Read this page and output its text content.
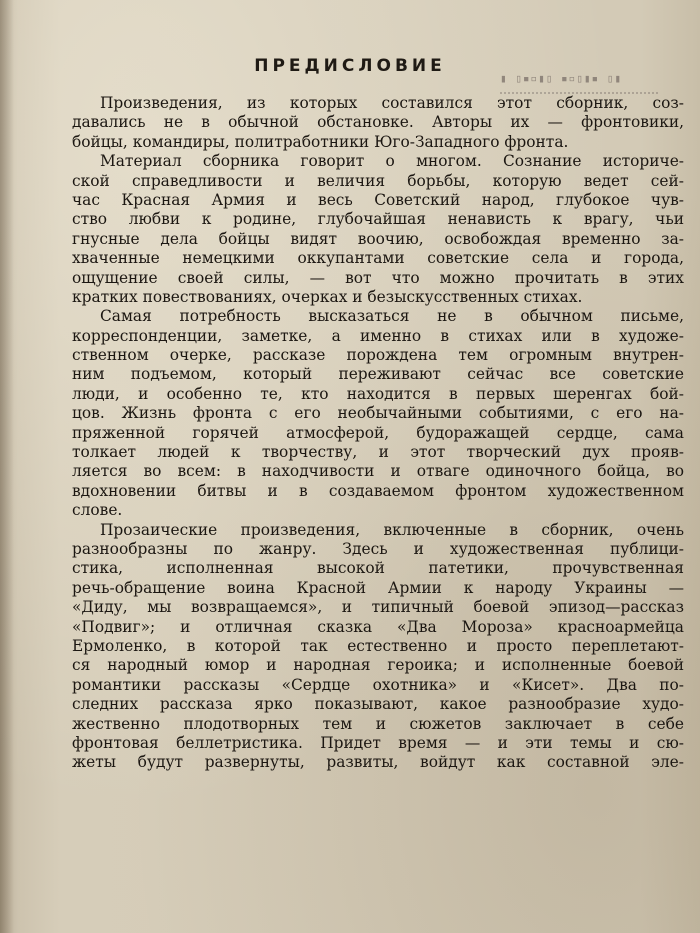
▮ ▯▪▫▮▯ ▪▫▯▮▪ ▯▮
ПРЕДИСЛОВИЕ
Произведения, из которых составился этот сборник, соз-
давались не в обычной обстановке. Авторы их — фронтовики,
бойцы, командиры, политработники Юго-Западного фронта.
Материал сборника говорит о многом. Сознание историче-
ской справедливости и величия борьбы, которую ведет сей-
час Красная Армия и весь Советский народ, глубокое чув-
ство любви к родине, глубочайшая ненависть к врагу, чьи
гнусные дела бойцы видят воочию, освобождая временно за-
хваченные немецкими оккупантами советские села и города,
ощущение своей силы, — вот что можно прочитать в этих
кратких повествованиях, очерках и безыскусственных стихах.
Самая потребность высказаться не в обычном письме,
корреспонденции, заметке, а именно в стихах или в художе-
ственном очерке, рассказе порождена тем огромным внутрен-
ним подъемом, который переживают сейчас все советские
люди, и особенно те, кто находится в первых шеренгах бой-
цов. Жизнь фронта с его необычайными событиями, с его на-
пряженной горячей атмосферой, будоражащей сердце, сама
толкает людей к творчеству, и этот творческий дух прояв-
ляется во всем: в находчивости и отваге одиночного бойца, во
вдохновении битвы и в создаваемом фронтом художественном
слове.
Прозаические произведения, включенные в сборник, очень
разнообразны по жанру. Здесь и художественная публици-
стика, исполненная высокой патетики, прочувственная
речь-обращение воина Красной Армии к народу Украины —
«Диду, мы возвращаемся», и типичный боевой эпизод—рассказ
«Подвиг»; и отличная сказка «Два Мороза» красноармейца
Ермоленко, в которой так естественно и просто переплетают-
ся народный юмор и народная героика; и исполненные боевой
романтики рассказы «Сердце охотника» и «Кисет». Два по-
следних рассказа ярко показывают, какое разнообразие худо-
жественно плодотворных тем и сюжетов заключает в себе
фронтовая беллетристика. Придет время — и эти темы и сю-
жеты будут развернуты, развиты, войдут как составной эле-
